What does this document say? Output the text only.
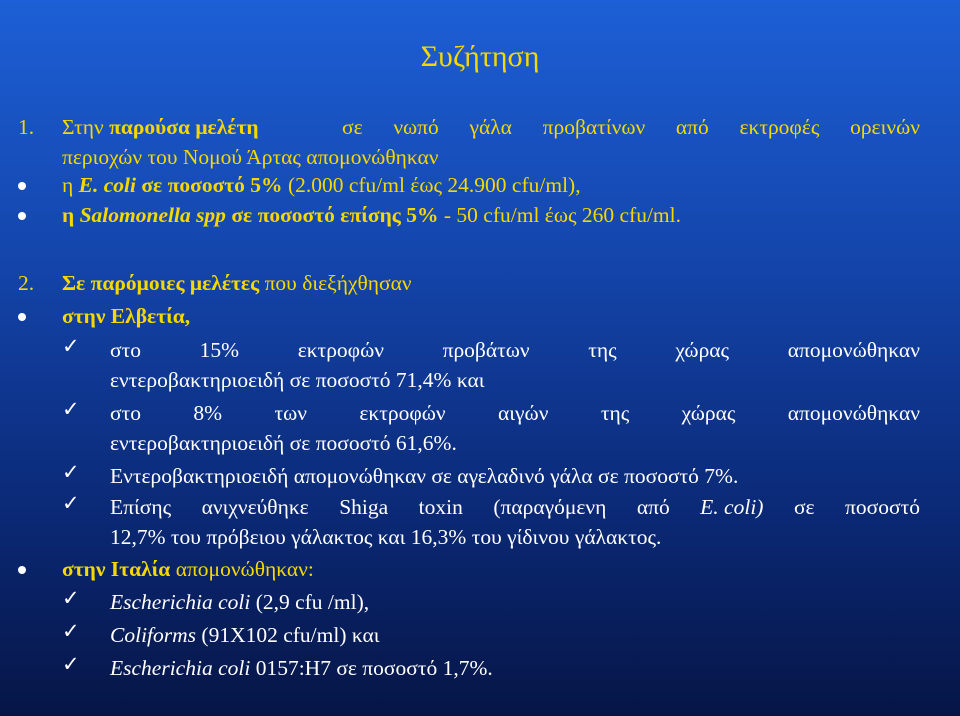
Συζήτηση
1. Στην παρούσα μελέτη	σε νωπό γάλα προβατίνων από εκτροφές ορεινών
περιοχών του Νομού Άρτας απομονώθηκαν
η E. coli σε ποσοστό 5% (2.000 cfu/ml έως 24.900 cfu/ml),
η Salomonella spp σε ποσοστό επίσης 5% - 50 cfu/ml έως 260 cfu/ml.
2. Σε παρόμοιες μελέτες που διεξήχθησαν
στην Ελβετία,
✓ στο	15%	εκτροφών	προβάτων	της	χώρας	απομονώθηκαν
εντεροβακτηριοειδή σε ποσοστό 71,4% και
✓ στο 8% των εκτροφών αιγών της χώρας απομονώθηκαν
εντεροβακτηριοειδή σε ποσοστό 61,6%.
✓ Εντεροβακτηριοειδή απομονώθηκαν σε αγελαδινό γάλα σε ποσοστό 7%.
✓ Επίσης ανιχνεύθηκε Shiga toxin (παραγόμενη από E. coli) σε ποσοστό
12,7% του πρόβειου γάλακτος και 16,3% του γίδινου γάλακτος.
στην Ιταλία απομονώθηκαν:
✓ Escherichia coli (2,9 cfu /ml),
✓ Coliforms (91X102 cfu/ml) και
✓ Escherichia coli 0157:H7 σε ποσοστό 1,7%.
